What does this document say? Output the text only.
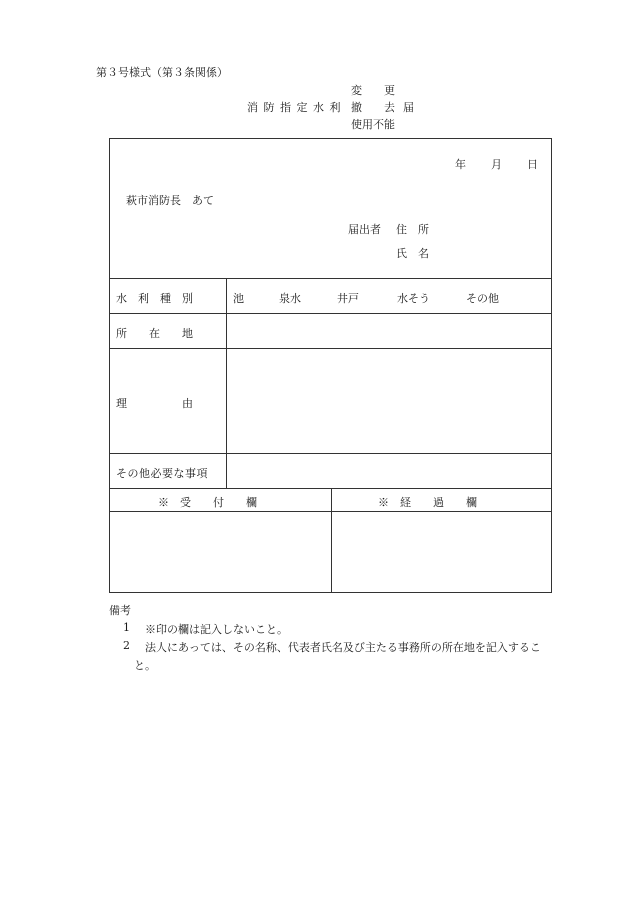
第３号様式（第３条関係）
変　　更
消 防 指 定 水 利 撤　　去 届
使用不能
年 月 日
萩市消防長　あて
届出者 住　所
氏　名
水　利　種　別	池	泉水	井戸	水そう	その他
所　　在　　地
理　　　　　由
その他必要な事項
※　受　　付　　欄	※　経　　過　　欄
備考
1 ※印の欄は記入しないこと。
2 法人にあっては、その名称、代表者氏名及び主たる事務所の所在地を記入するこ
と。
